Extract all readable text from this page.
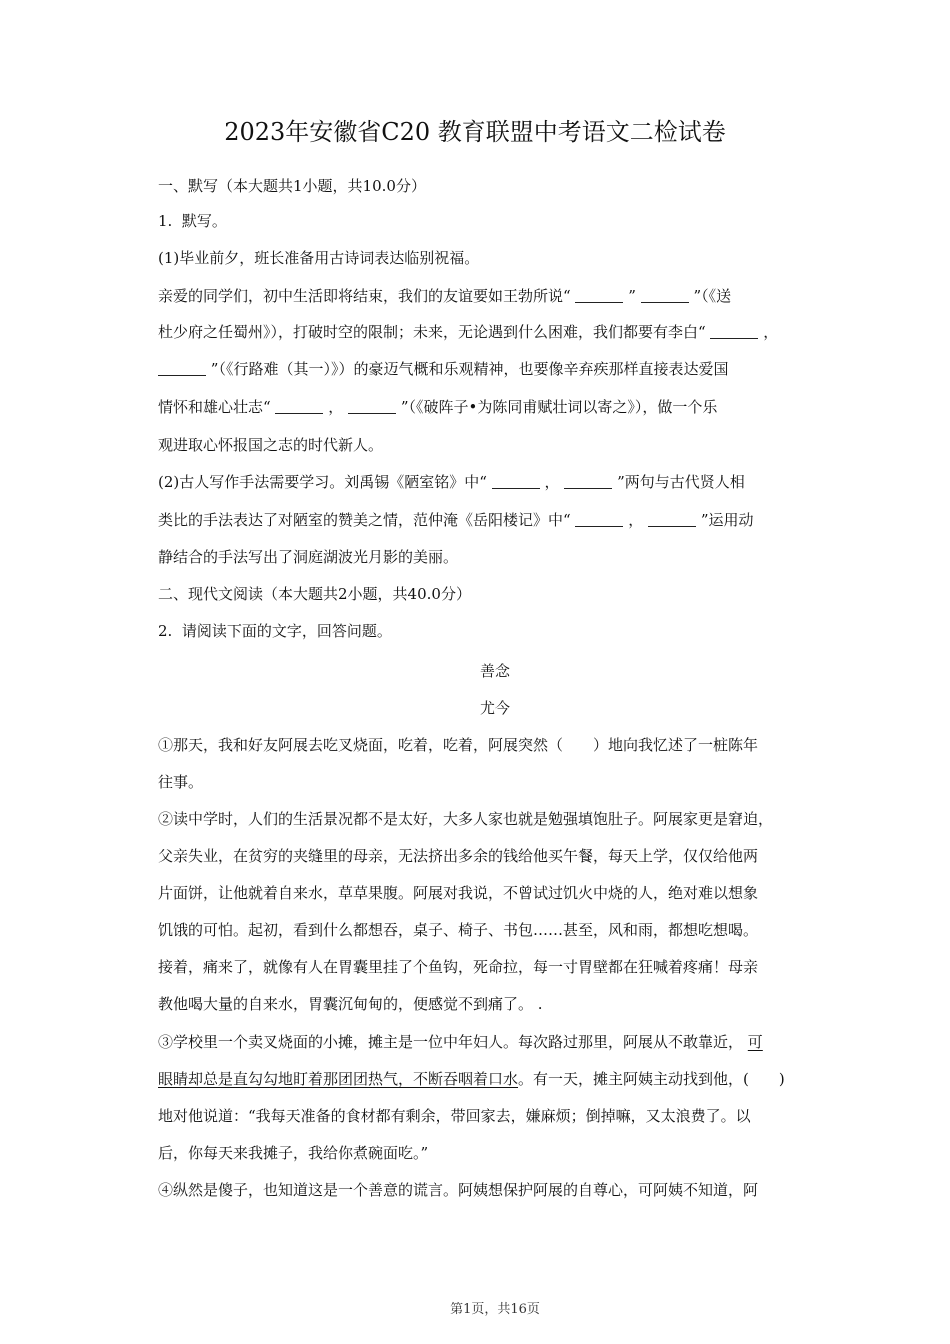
2023年安徽省C20 教育联盟中考语文二检试卷
一、默写（本大题共1小题，共10.0分）
1.  默写。
(1)毕业前夕，班长准备用古诗词表达临别祝福。
亲爱的同学们，初中生活即将结束，我们的友谊要如王勃所说“	”	”（《送
杜少府之任蜀州》），打破时空的限制；未来，无论遇到什么困难，我们都要有李白“	，
”（《行路难（其一）》）的豪迈气概和乐观精神，也要像辛弃疾那样直接表达爱国
情怀和雄心壮志“	，	”（《破阵子•为陈同甫赋壮词以寄之》），做一个乐
观进取心怀报国之志的时代新人。
(2)古人写作手法需要学习。刘禹锡《陋室铭》中“	，	”两句与古代贤人相
类比的手法表达了对陋室的赞美之情，范仲淹《岳阳楼记》中“	，	”运用动
静结合的手法写出了洞庭湖波光月影的美丽。
二、现代文阅读（本大题共2小题，共40.0分）
2.  请阅读下面的文字，回答问题。
善念
尤今
①那天，我和好友阿展去吃叉烧面，吃着，吃着，阿展突然（　　）地向我忆述了一桩陈年
往事。
②读中学时，人们的生活景况都不是太好，大多人家也就是勉强填饱肚子。阿展家更是窘迫，
父亲失业，在贫穷的夹缝里的母亲，无法挤出多余的钱给他买午餐，每天上学，仅仅给他两
片面饼，让他就着自来水，草草果腹。阿展对我说，不曾试过饥火中烧的人，绝对难以想象
饥饿的可怕。起初，看到什么都想吞，桌子、椅子、书包……甚至，风和雨，都想吃想喝。
接着，痛来了，就像有人在胃囊里挂了个鱼钩，死命拉，每一寸胃壁都在狂喊着疼痛！母亲
教他喝大量的自来水，胃囊沉甸甸的，便感觉不到痛了。 .
③学校里一个卖叉烧面的小摊，摊主是一位中年妇人。每次路过那里，阿展从不敢靠近， 可
眼睛却总是直勾勾地盯着那团团热气，不断吞咽着口水。有一天，摊主阿姨主动找到他，(　　)
地对他说道：“我每天准备的食材都有剩余，带回家去，嫌麻烦；倒掉嘛，又太浪费了。以
后，你每天来我摊子，我给你煮碗面吃。”
④纵然是傻子，也知道这是一个善意的谎言。阿姨想保护阿展的自尊心，可阿姨不知道，阿
第1页，共16页
